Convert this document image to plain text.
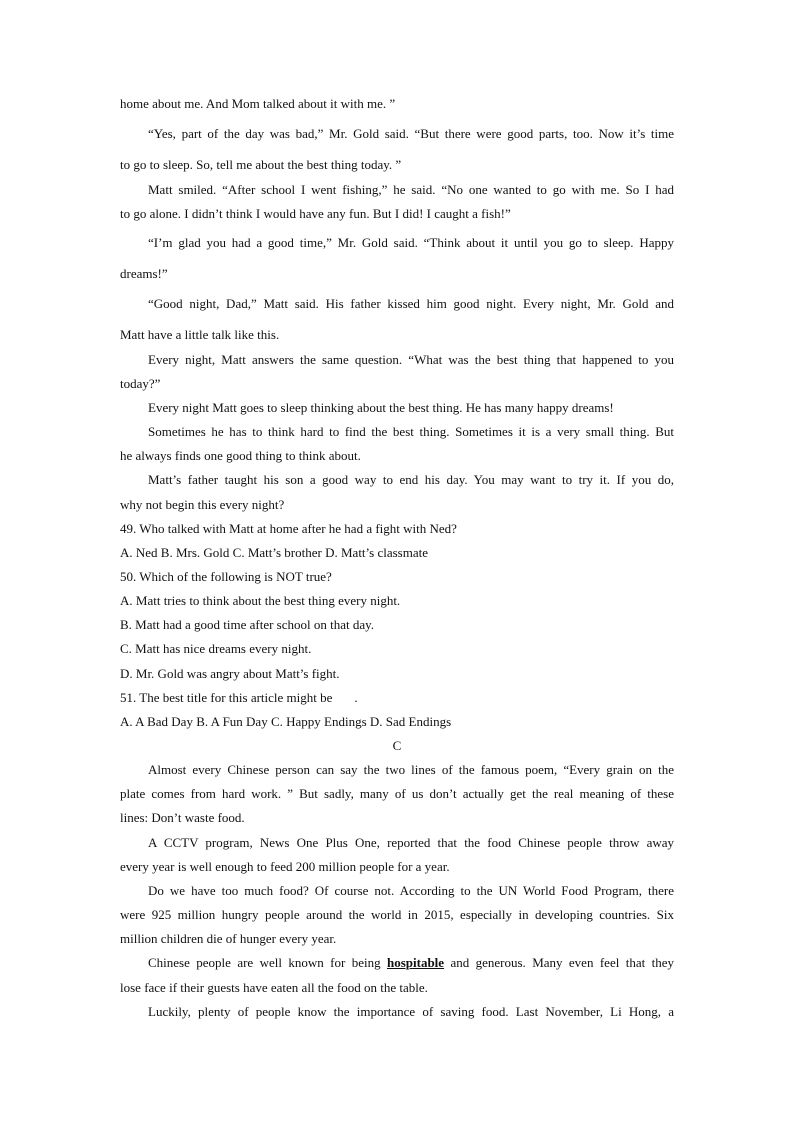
home about me. And Mom talked about it with me. ”
“Yes, part of the day was bad,” Mr. Gold said. “But there were good parts, too. Now it’s time
to go to sleep. So, tell me about the best thing today. ”
Matt smiled. “After school I went fishing,” he said. “No one wanted to go with me. So I had
to go alone. I didn’t think I would have any fun. But I did! I caught a fish!”
“I’m glad you had a good time,” Mr. Gold said. “Think about it until you go to sleep. Happy
dreams!”
“Good night, Dad,” Matt said. His father kissed him good night. Every night, Mr. Gold and
Matt have a little talk like this.
Every night, Matt answers the same question. “What was the best thing that happened to you
today?”
Every night Matt goes to sleep thinking about the best thing. He has many happy dreams!
Sometimes he has to think hard to find the best thing. Sometimes it is a very small thing. But
he always finds one good thing to think about.
Matt’s father taught his son a good way to end his day. You may want to try it. If you do,
why not begin this every night?
49. Who talked with Matt at home after he had a fight with Ned?
A. Ned B. Mrs. Gold C. Matt’s brother D. Matt’s classmate
50. Which of the following is NOT true?
A. Matt tries to think about the best thing every night.
B. Matt had a good time after school on that day.
C. Matt has nice dreams every night.
D. Mr. Gold was angry about Matt’s fight.
51. The best title for this article might be .
A. A Bad Day B. A Fun Day C. Happy Endings D. Sad Endings
C
Almost every Chinese person can say the two lines of the famous poem, “Every grain on the
plate comes from hard work. ” But sadly, many of us don’t actually get the real meaning of these
lines: Don’t waste food.
A CCTV program, News One Plus One, reported that the food Chinese people throw away
every year is well enough to feed 200 million people for a year.
Do we have too much food? Of course not. According to the UN World Food Program, there
were 925 million hungry people around the world in 2015, especially in developing countries. Six
million children die of hunger every year.
Chinese people are well known for being hospitable and generous. Many even feel that they
lose face if their guests have eaten all the food on the table.
Luckily, plenty of people know the importance of saving food. Last November, Li Hong, a
